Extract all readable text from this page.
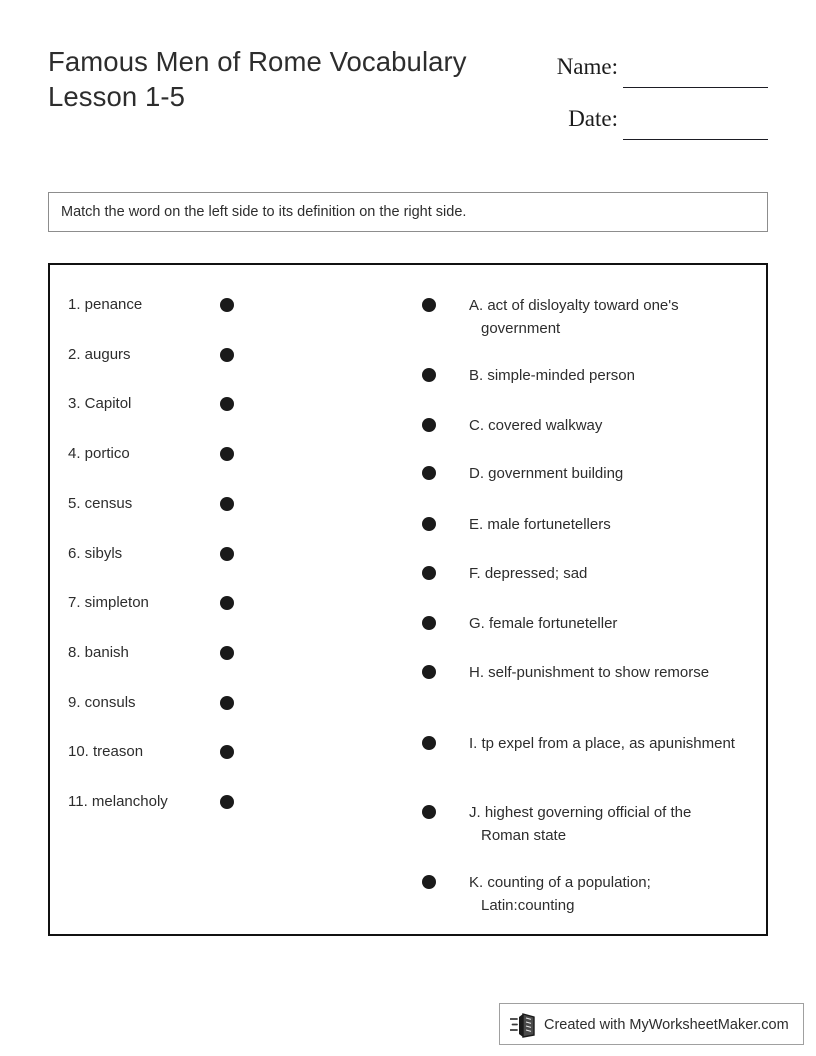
Famous Men of Rome Vocabulary Lesson 1-5
Name:
Date:
Match the word on the left side to its definition on the right side.
1. penance
2. augurs
3. Capitol
4. portico
5. census
6. sibyls
7. simpleton
8. banish
9. consuls
10. treason
11. melancholy
A. act of disloyalty toward one's government
B. simple-minded person
C. covered walkway
D. government building
E. male fortunetellers
F. depressed; sad
G. female fortuneteller
H. self-punishment to show remorse
I. tp expel from a place, as apunishment
J. highest governing official of the Roman state
K. counting of a population; Latin:counting
Created with MyWorksheetMaker.com
